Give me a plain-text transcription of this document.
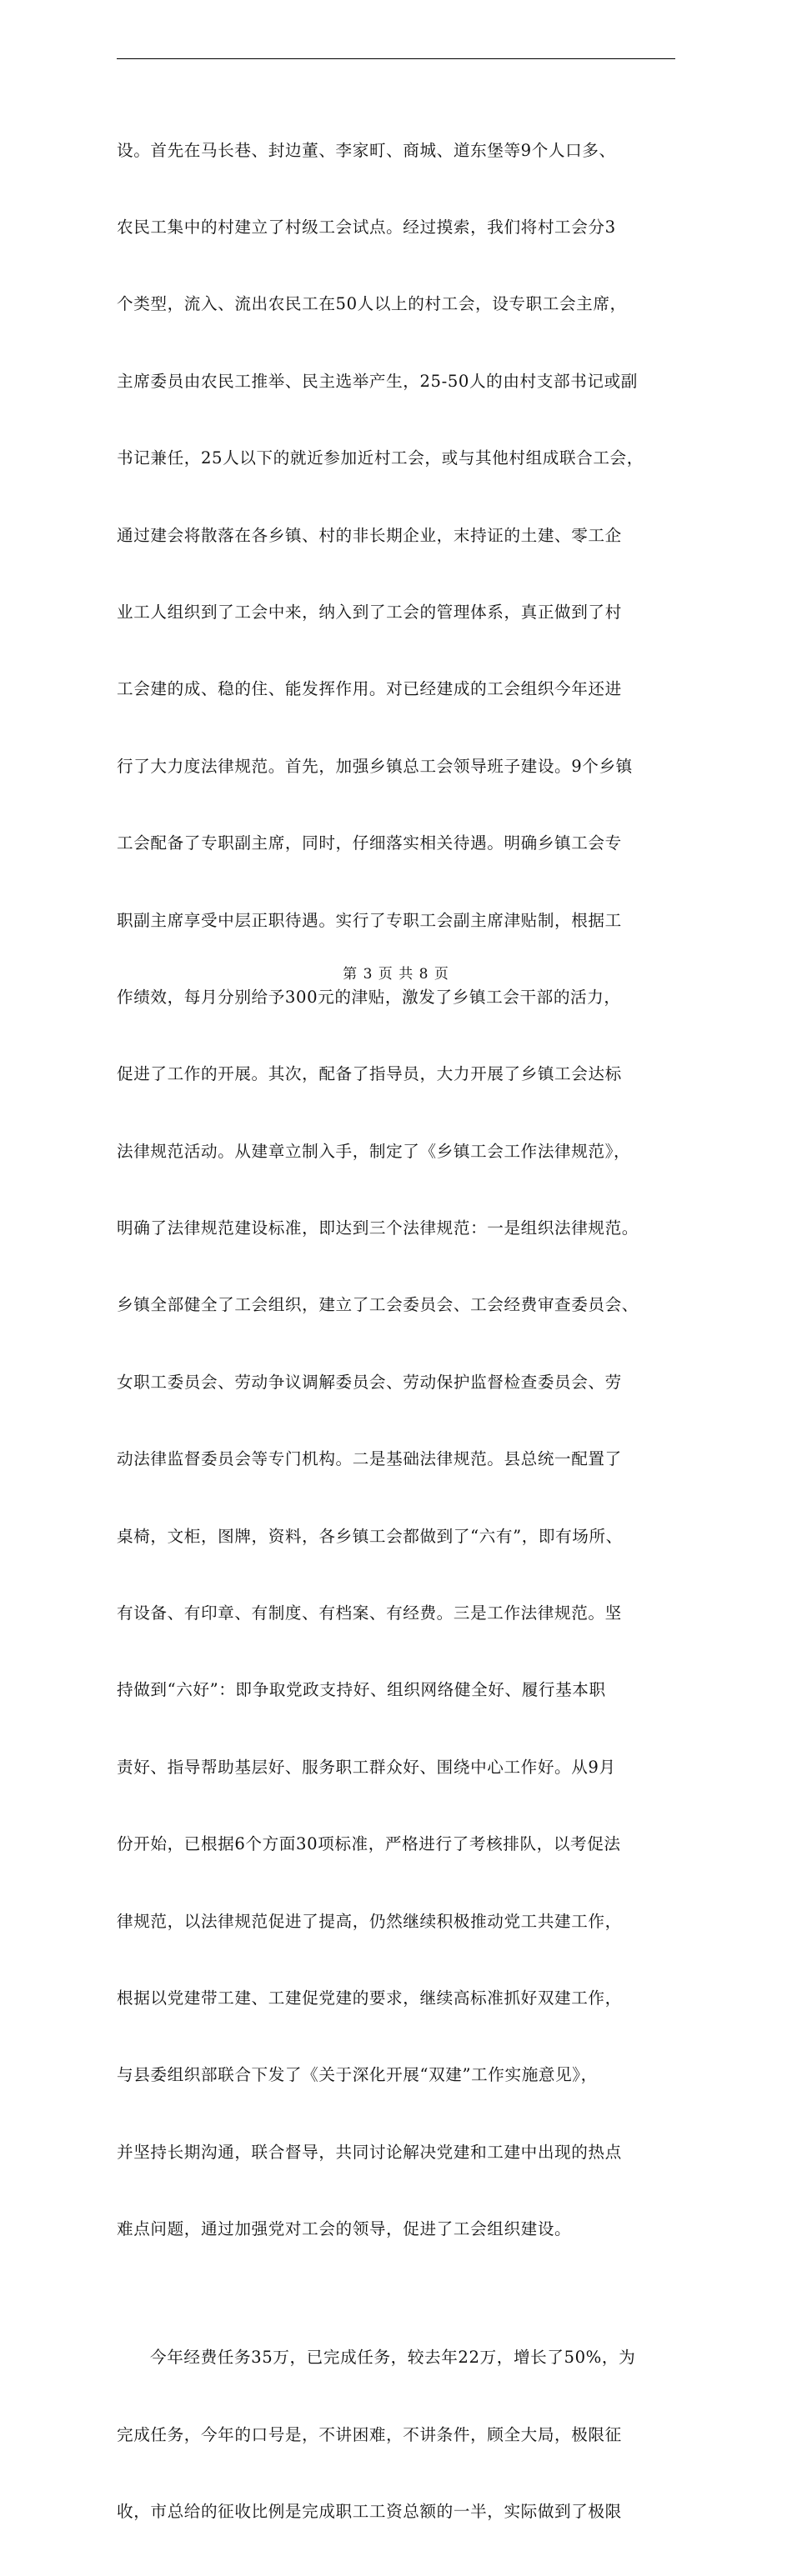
设。首先在马长巷、封边董、李家町、商城、道东堡等9个人口多、

农民工集中的村建立了村级工会试点。经过摸索，我们将村工会分3

个类型，流入、流出农民工在50人以上的村工会，设专职工会主席，

主席委员由农民工推举、民主选举产生，25-50人的由村支部书记或副

书记兼任，25人以下的就近参加近村工会，或与其他村组成联合工会，

通过建会将散落在各乡镇、村的非长期企业，末持证的土建、零工企

业工人组织到了工会中来，纳入到了工会的管理体系，真正做到了村

工会建的成、稳的住、能发挥作用。对已经建成的工会组织今年还进

行了大力度法律规范。首先，加强乡镇总工会领导班子建设。9个乡镇

工会配备了专职副主席，同时，仔细落实相关待遇。明确乡镇工会专

职副主席享受中层正职待遇。实行了专职工会副主席津贴制，根据工

作绩效，每月分别给予300元的津贴，激发了乡镇工会干部的活力，

促进了工作的开展。其次，配备了指导员，大力开展了乡镇工会达标

法律规范活动。从建章立制入手，制定了《乡镇工会工作法律规范》，

明确了法律规范建设标准，即达到三个法律规范：一是组织法律规范。

乡镇全部健全了工会组织，建立了工会委员会、工会经费审查委员会、

女职工委员会、劳动争议调解委员会、劳动保护监督检查委员会、劳

动法律监督委员会等专门机构。二是基础法律规范。县总统一配置了

桌椅，文柜，图牌，资料，各乡镇工会都做到了“六有”，即有场所、

有设备、有印章、有制度、有档案、有经费。三是工作法律规范。坚

持做到“六好”：即争取党政支持好、组织网络健全好、履行基本职

责好、指导帮助基层好、服务职工群众好、围绕中心工作好。从9月

份开始，已根据6个方面30项标准，严格进行了考核排队，以考促法

律规范，以法律规范促进了提高，仍然继续积极推动党工共建工作，

根据以党建带工建、工建促党建的要求，继续高标准抓好双建工作，

与县委组织部联合下发了《关于深化开展“双建”工作实施意见》，

并坚持长期沟通，联合督导，共同讨论解决党建和工建中出现的热点

难点问题，通过加强党对工会的领导，促进了工会组织建设。

今年经费任务35万，已完成任务，较去年22万，增长了50%，为

完成任务，今年的口号是，不讲困难，不讲条件，顾全大局，极限征

收，市总给的征收比例是完成职工工资总额的一半，实际做到了极限

第 3 页 共 8 页
